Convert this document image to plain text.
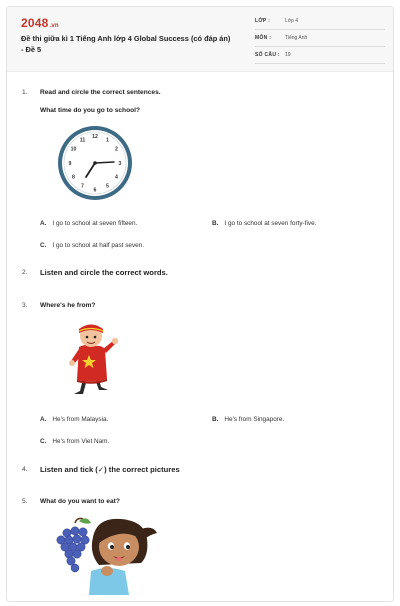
2048.vn
Đề thi giữa kì 1 Tiếng Anh lớp 4 Global Success (có đáp án) - Đề 5
LỚP :	Lớp 4
MÔN :	Tiếng Anh
SỐ CÂU : 19
1. Read and circle the correct sentences.
What time do you go to school?
12
1
2
3
4
5
6
7
8
9
10
11
A. I go to school at seven fifteen.	B. I go to school at seven forty-five.
C. I go to school at half past seven.
2. Listen and circle the correct words.
3. Where's he from?
A. He's from Malaysia.	B. He's from Singapore.
C. He's from Viet Nam.
4. Listen and tick (✓) the correct pictures
5. What do you want to eat?
